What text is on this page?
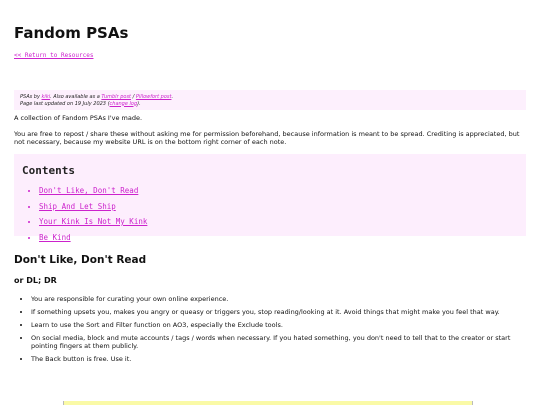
Fandom PSAs
<< Return to Resources
PSAs by kiki. Also available as a Tumblr post / Pillowfort post.
Page last updated on 19 July 2023 (change log).

A collection of Fandom PSAs I've made.

You are free to repost / share these without asking me for permission beforehand, because information is meant to be spread. Crediting is appreciated, but not necessary, because my website URL is on the bottom right corner of each note.

Contents
• Don't Like, Don't Read
• Ship And Let Ship
• Your Kink Is Not My Kink
• Be Kind
Don't Like, Don't Read
or DL; DR
• You are responsible for curating your own online experience.
• If something upsets you, makes you angry or queasy or triggers you, stop reading/looking at it. Avoid things that might make you feel that way.
• Learn to use the Sort and Filter function on AO3, especially the Exclude tools.
• On social media, block and mute accounts / tags / words when necessary. If you hated something, you don't need to tell that to the creator or start pointing fingers at them publicly.
• The Back button is free. Use it.
